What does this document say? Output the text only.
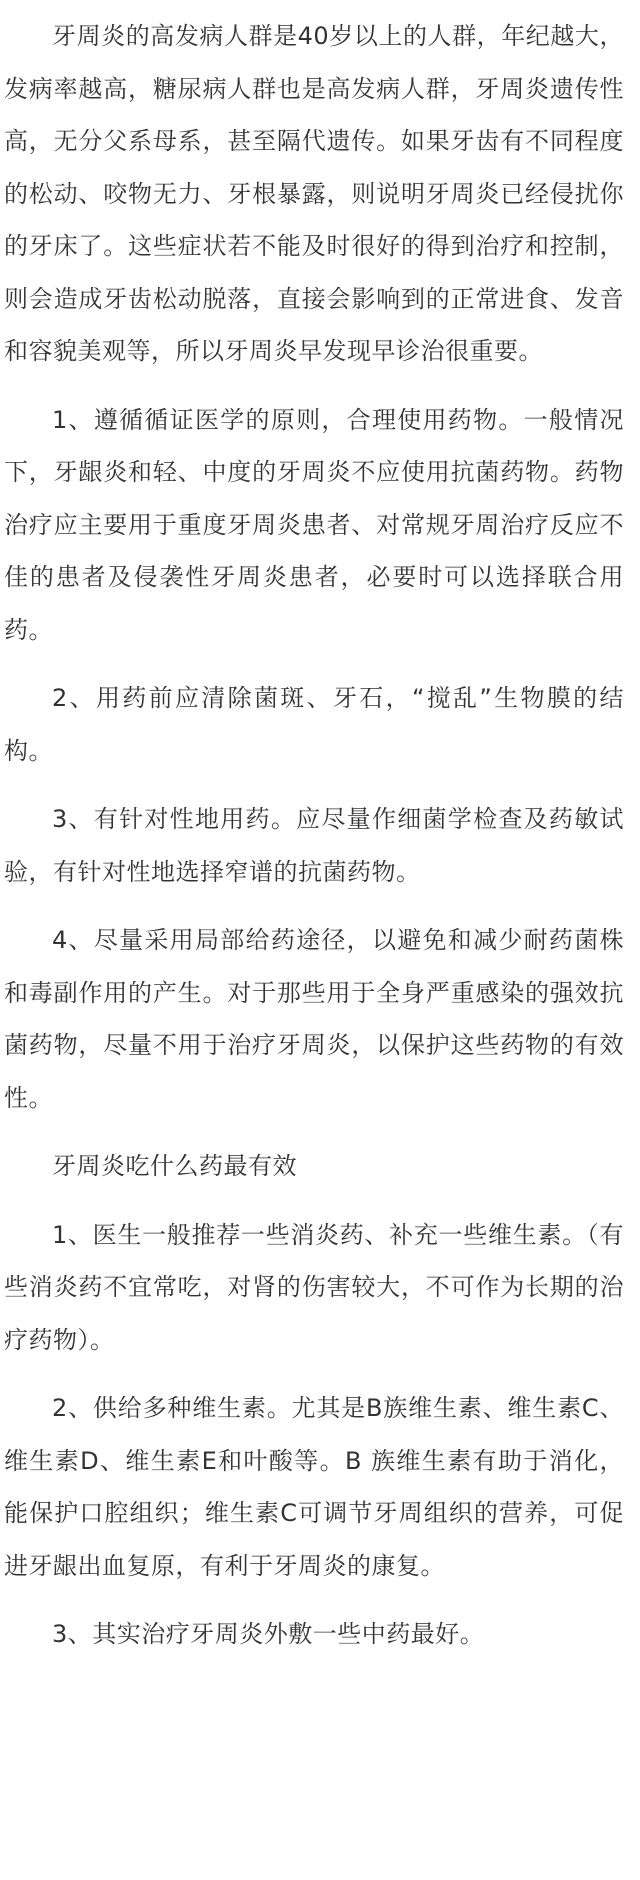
牙周炎的高发病人群是40岁以上的人群，年纪越大，发病率越高，糖尿病人群也是高发病人群，牙周炎遗传性高，无分父系母系，甚至隔代遗传。如果牙齿有不同程度的松动、咬物无力、牙根暴露，则说明牙周炎已经侵扰你的牙床了。这些症状若不能及时很好的得到治疗和控制，则会造成牙齿松动脱落，直接会影响到的正常进食、发音和容貌美观等，所以牙周炎早发现早诊治很重要。

1、遵循循证医学的原则，合理使用药物。一般情况下，牙龈炎和轻、中度的牙周炎不应使用抗菌药物。药物治疗应主要用于重度牙周炎患者、对常规牙周治疗反应不佳的患者及侵袭性牙周炎患者，必要时可以选择联合用药。

2、用药前应清除菌斑、牙石，“搅乱”生物膜的结构。

3、有针对性地用药。应尽量作细菌学检查及药敏试验，有针对性地选择窄谱的抗菌药物。

4、尽量采用局部给药途径，以避免和减少耐药菌株和毒副作用的产生。对于那些用于全身严重感染的强效抗菌药物，尽量不用于治疗牙周炎，以保护这些药物的有效性。

牙周炎吃什么药最有效

1、医生一般推荐一些消炎药、补充一些维生素。（有些消炎药不宜常吃，对肾的伤害较大，不可作为长期的治疗药物）。

2、供给多种维生素。尤其是B族维生素、维生素C、维生素D、维生素E和叶酸等。B 族维生素有助于消化，能保护口腔组织；维生素C可调节牙周组织的营养，可促进牙龈出血复原，有利于牙周炎的康复。

3、其实治疗牙周炎外敷一些中药最好。
